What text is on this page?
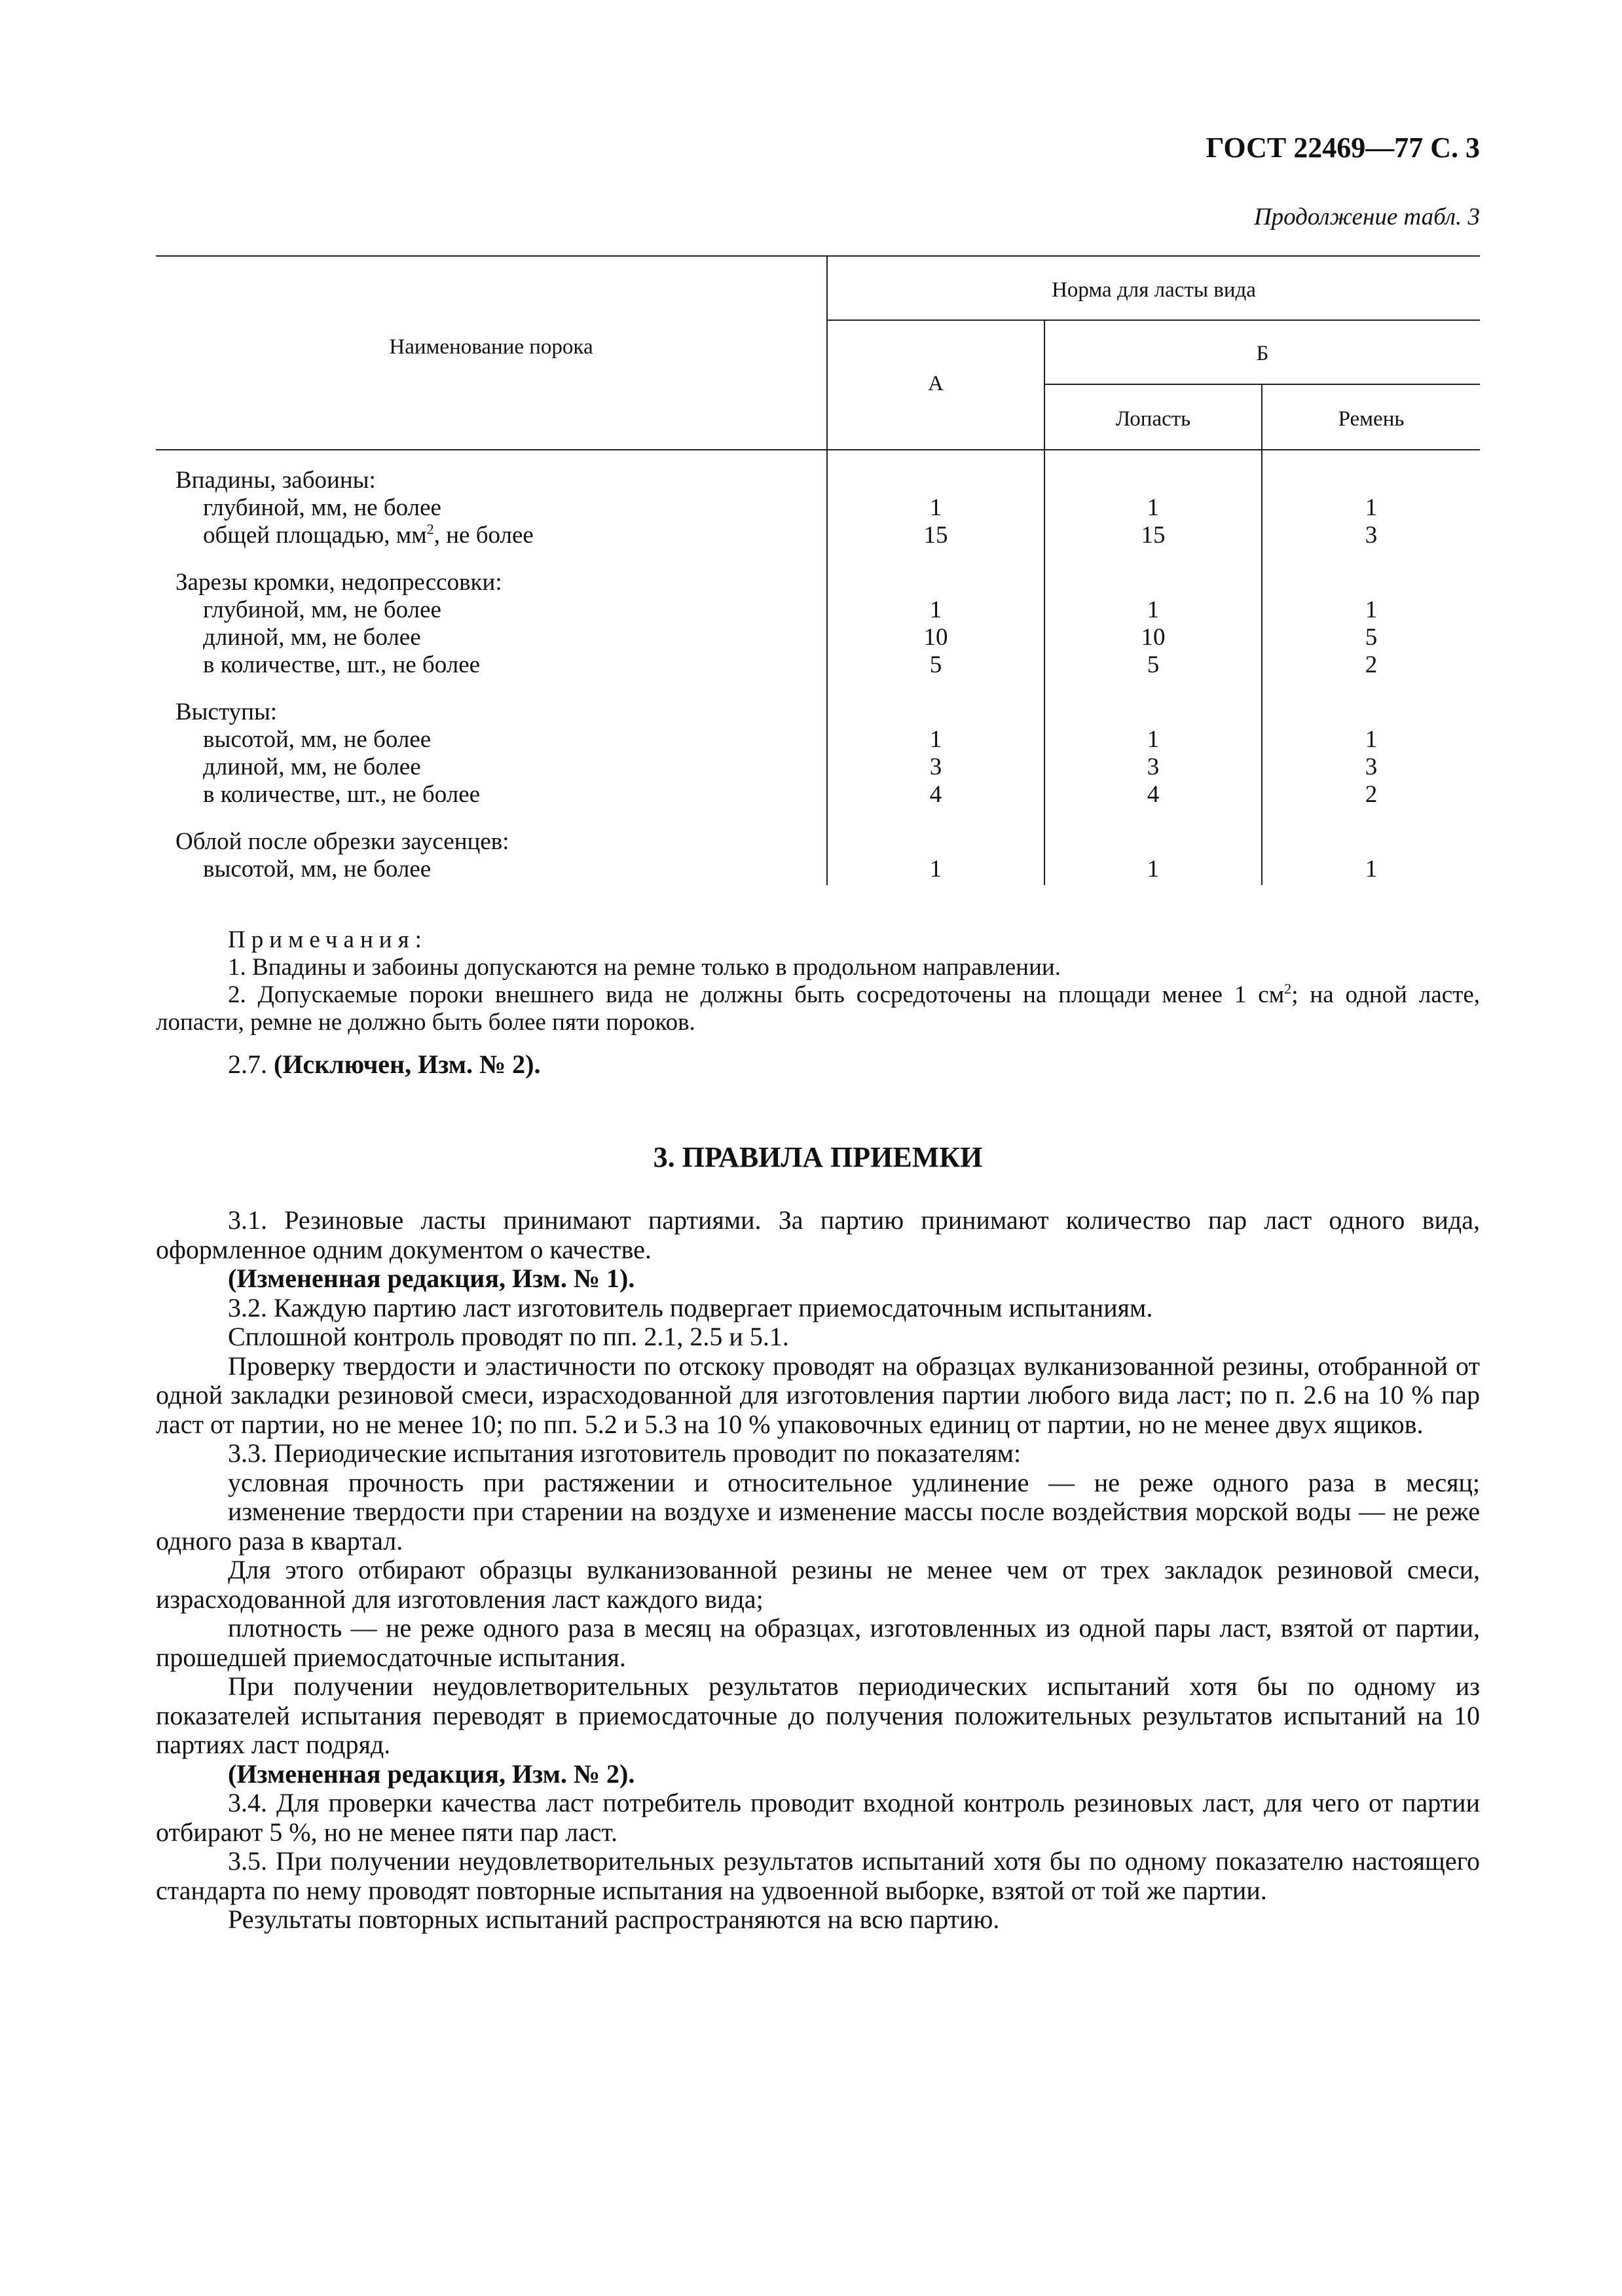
ГОСТ 22469—77 С. 3
Продолжение табл. 3
Наименование порока
Норма для ласты вида
А
Б
Лопасть	Ремень
Впадины, забоины:
глубиной, мм, не более	1	1	1
общей площадью, $мм^2$, не более	15	15	3
Зарезы кромки, недопрессовки:
глубиной, мм, не более	1	1	1
длиной, мм, не более	10	10	5
в количестве, шт., не более	5	5	2
Выступы:
высотой, мм, не более	1	1	1
длиной, мм, не более	3	3	3
в количестве, шт., не более	4	4	2
Облой после обрезки заусенцев:
высотой, мм, не более	1	1	1
Примечания:
1. Впадины и забоины допускаются на ремне только в продольном направлении.
2. Допускаемые пороки внешнего вида не должны быть сосредоточены на площади менее 1 $см^2$; на одной ласте, лопасти, ремне не должно быть более пяти пороков.
2.7. (Исключен, Изм. № 2).
3. ПРАВИЛА ПРИЕМКИ

3.1. Резиновые ласты принимают партиями. За партию принимают количество пар ласт одного вида, оформленное одним документом о качестве.

(Измененная редакция, Изм. № 1).

3.2. Каждую партию ласт изготовитель подвергает приемосдаточным испытаниям.

Сплошной контроль проводят по пп. 2.1, 2.5 и 5.1.

Проверку твердости и эластичности по отскоку проводят на образцах вулканизованной резины, отобранной от одной закладки резиновой смеси, израсходованной для изготовления партии любого вида ласт; по п. 2.6 на 10 % пар ласт от партии, но не менее 10; по пп. 5.2 и 5.3 на 10 % упаковочных единиц от партии, но не менее двух ящиков.

3.3. Периодические испытания изготовитель проводит по показателям:

условная прочность при растяжении и относительное удлинение — не реже одного раза в месяц;

изменение твердости при старении на воздухе и изменение массы после воздействия морской воды — не реже одного раза в квартал.

Для этого отбирают образцы вулканизованной резины не менее чем от трех закладок резиновой смеси, израсходованной для изготовления ласт каждого вида;

плотность — не реже одного раза в месяц на образцах, изготовленных из одной пары ласт, взятой от партии, прошедшей приемосдаточные испытания.

При получении неудовлетворительных результатов периодических испытаний хотя бы по одному из показателей испытания переводят в приемосдаточные до получения положительных результатов испытаний на 10 партиях ласт подряд.

(Измененная редакция, Изм. № 2).

3.4. Для проверки качества ласт потребитель проводит входной контроль резиновых ласт, для чего от партии отбирают 5 %, но не менее пяти пар ласт.

3.5. При получении неудовлетворительных результатов испытаний хотя бы по одному показателю настоящего стандарта по нему проводят повторные испытания на удвоенной выборке, взятой от той же партии.

Результаты повторных испытаний распространяются на всю партию.
